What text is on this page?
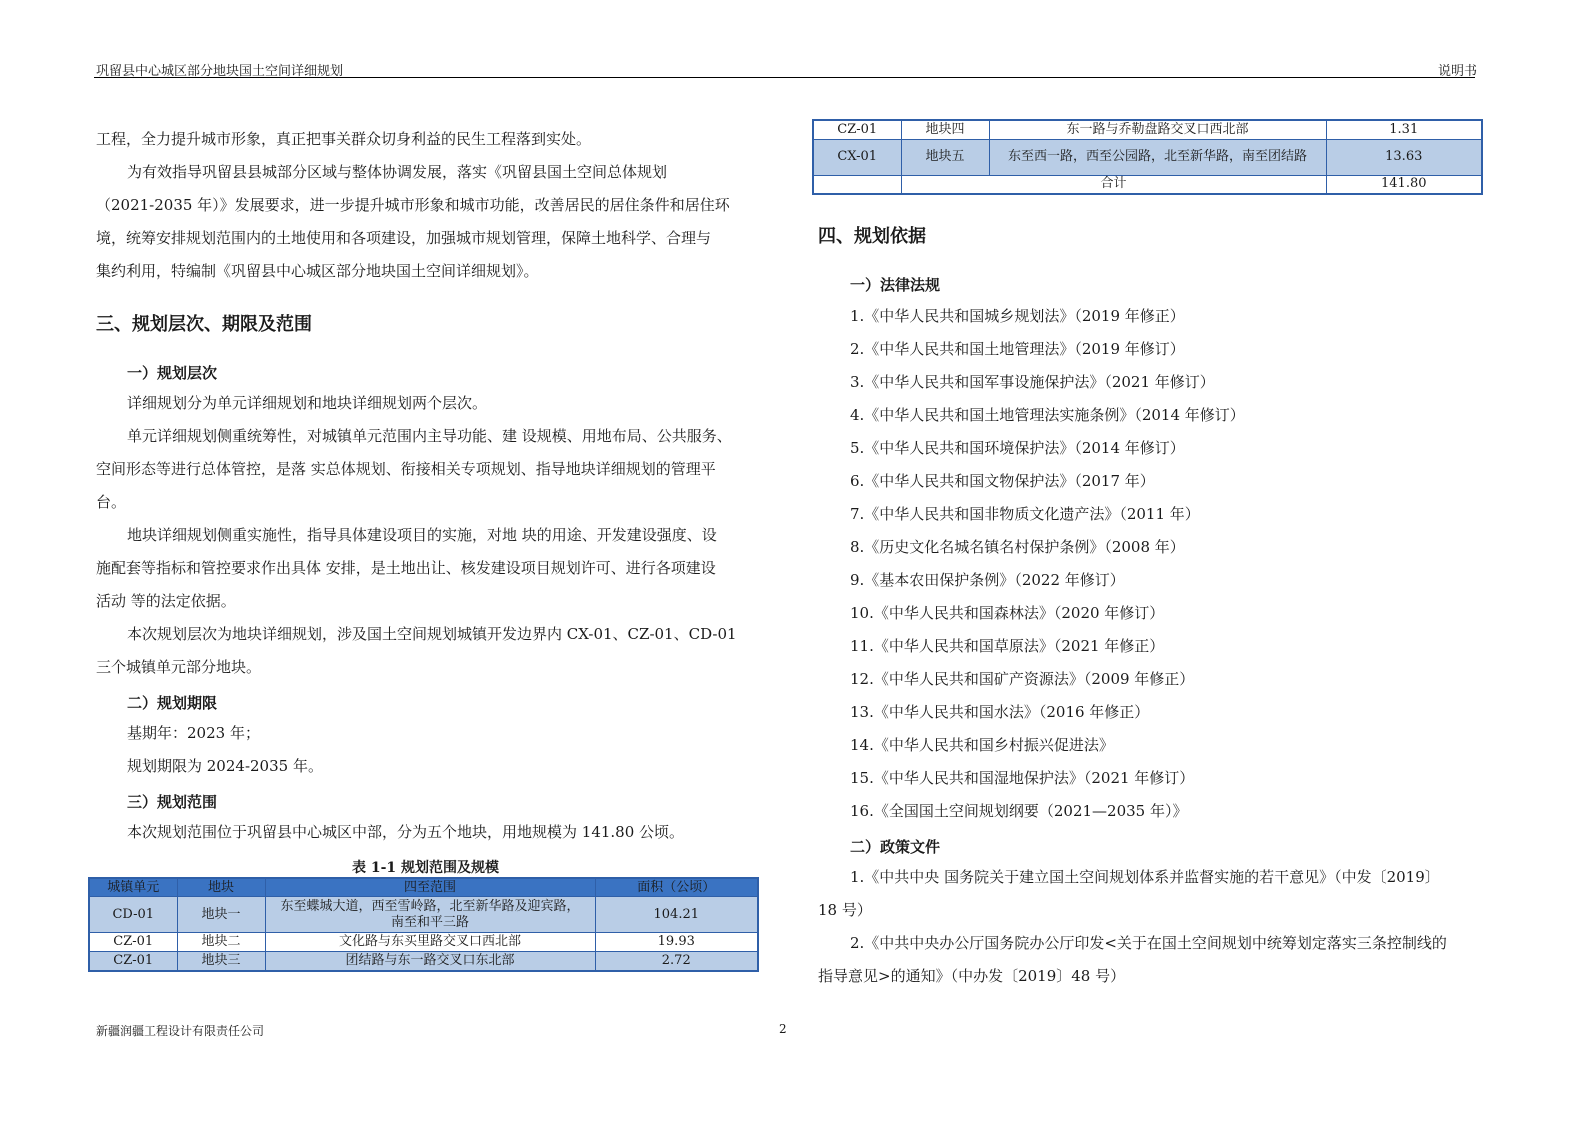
巩留县中心城区部分地块国土空间详细规划	说明书
工程，全力提升城市形象，真正把事关群众切身利益的民生工程落到实处。
为有效指导巩留县县城部分区域与整体协调发展，落实《巩留县国土空间总体规划
（2021-2035 年）》发展要求，进一步提升城市形象和城市功能，改善居民的居住条件和居住环
境，统筹安排规划范围内的土地使用和各项建设，加强城市规划管理，保障土地科学、合理与
集约利用，特编制《巩留县中心城区部分地块国土空间详细规划》。
三、规划层次、期限及范围
一）规划层次
详细规划分为单元详细规划和地块详细规划两个层次。
单元详细规划侧重统筹性，对城镇单元范围内主导功能、建 设规模、用地布局、公共服务、
空间形态等进行总体管控，是落 实总体规划、衔接相关专项规划、指导地块详细规划的管理平
台。
地块详细规划侧重实施性，指导具体建设项目的实施，对地 块的用途、开发建设强度、设
施配套等指标和管控要求作出具体 安排，是土地出让、核发建设项目规划许可、进行各项建设
活动 等的法定依据。
本次规划层次为地块详细规划，涉及国土空间规划城镇开发边界内 CX-01、CZ-01、CD-01
三个城镇单元部分地块。
二）规划期限
基期年：2023 年；
规划期限为 2024-2035 年。
三）规划范围
本次规划范围位于巩留县中心城区中部，分为五个地块，用地规模为 141.80 公顷。
表 1-1 规划范围及规模
城镇单元	地块	四至范围	面积（公顷）
CD-01	地块一	东至蝶城大道，西至雪岭路，北至新华路及迎宾路，
南至和平三路	104.21
CZ-01	地块二	文化路与东买里路交叉口西北部	19.93
CZ-01	地块三	团结路与东一路交叉口东北部	2.72
CZ-01	地块四	东一路与乔勒盘路交叉口西北部	1.31
CX-01	地块五	东至西一路，西至公园路，北至新华路，南至团结路	13.63
	合计		141.80
四、规划依据
一）法律法规
1.《中华人民共和国城乡规划法》（2019 年修正）
2.《中华人民共和国土地管理法》（2019 年修订）
3.《中华人民共和国军事设施保护法》（2021 年修订）
4.《中华人民共和国土地管理法实施条例》（2014 年修订）
5.《中华人民共和国环境保护法》（2014 年修订）
6.《中华人民共和国文物保护法》（2017 年）
7.《中华人民共和国非物质文化遗产法》（2011 年）
8.《历史文化名城名镇名村保护条例》（2008 年）
9.《基本农田保护条例》（2022 年修订）
10.《中华人民共和国森林法》（2020 年修订）
11.《中华人民共和国草原法》（2021 年修正）
12.《中华人民共和国矿产资源法》（2009 年修正）
13.《中华人民共和国水法》（2016 年修正）
14.《中华人民共和国乡村振兴促进法》
15.《中华人民共和国湿地保护法》（2021 年修订）
16.《全国国土空间规划纲要（2021—2035 年）》
二）政策文件
1.《中共中央 国务院关于建立国土空间规划体系并监督实施的若干意见》（中发〔2019〕
18 号）
2.《中共中央办公厅国务院办公厅印发<关于在国土空间规划中统筹划定落实三条控制线的
指导意见>的通知》（中办发〔2019〕48 号）
新疆润疆工程设计有限责任公司	2
